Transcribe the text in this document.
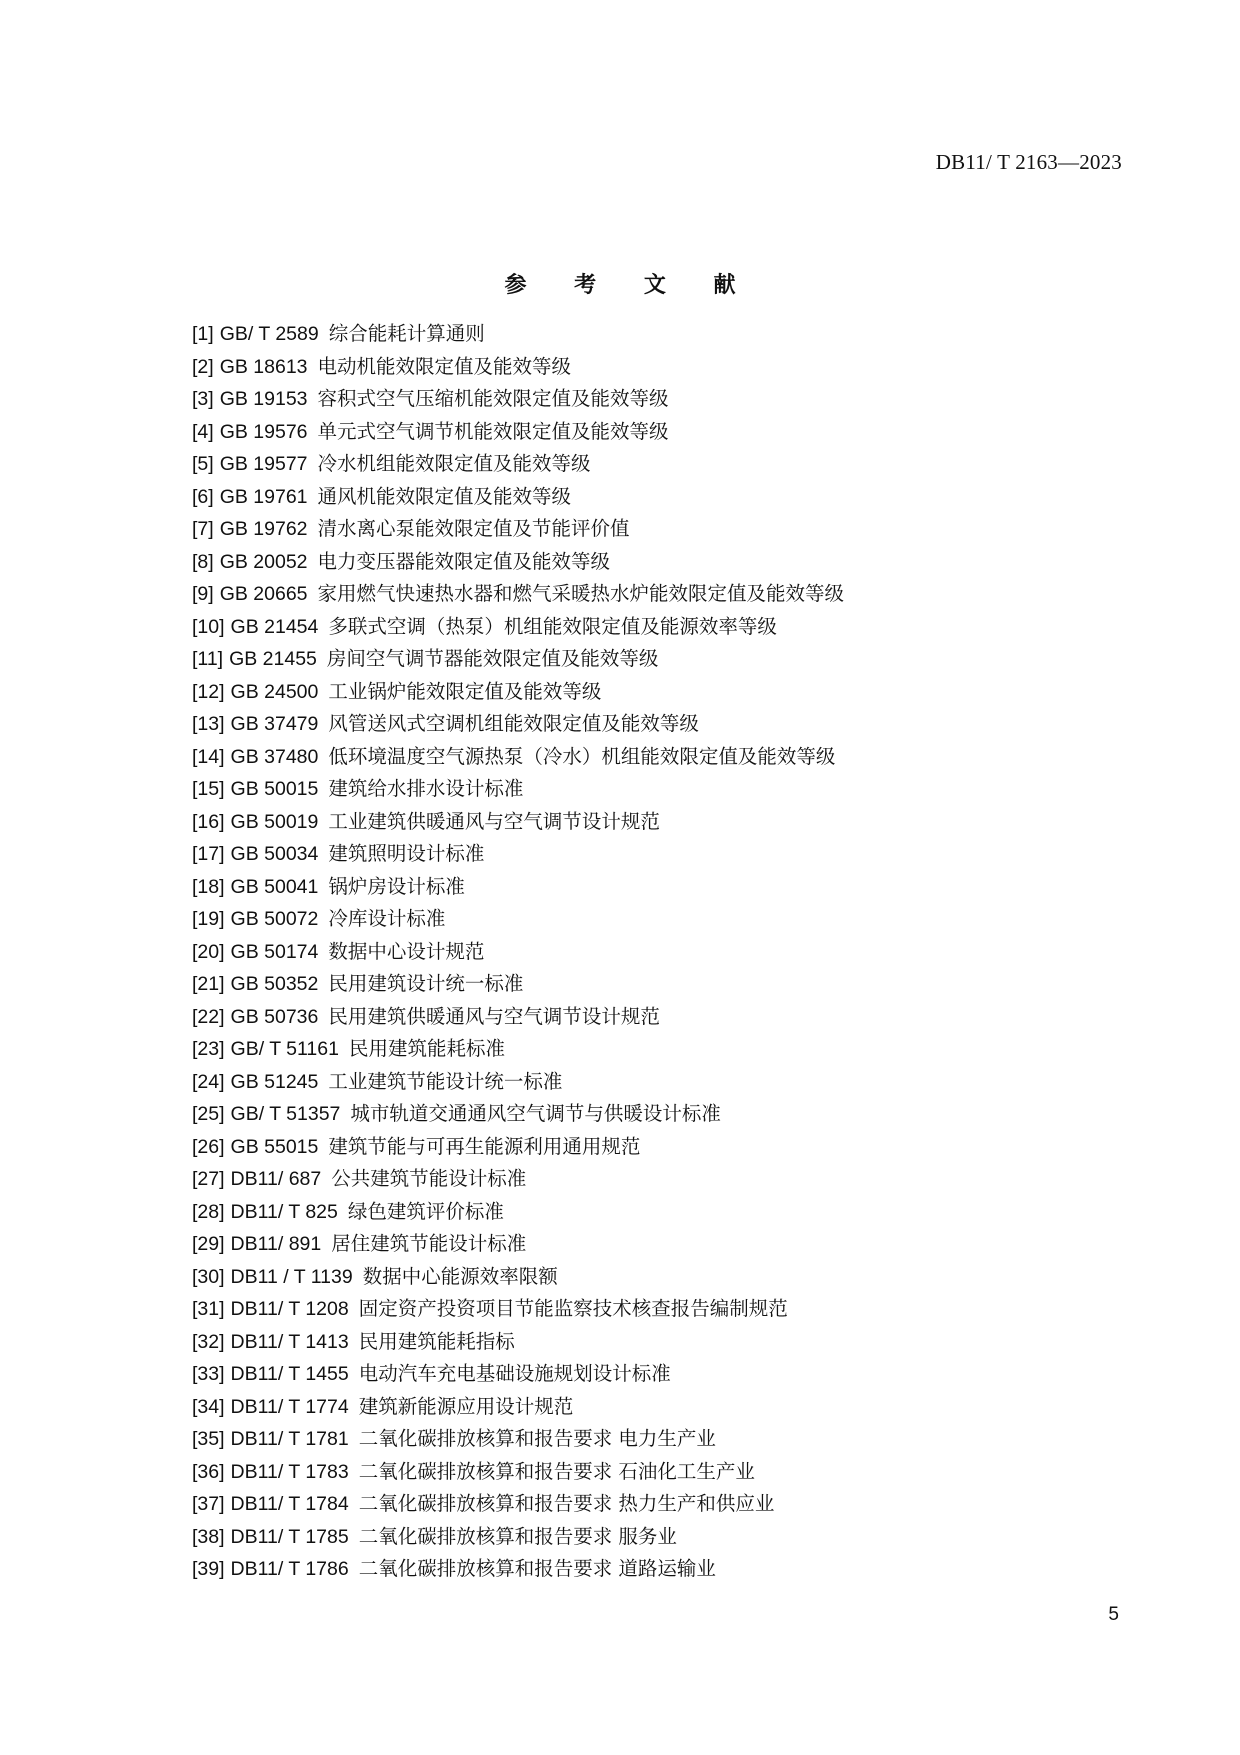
DB11/ T 2163—2023
参 考 文 献
[1] GB/ T 2589 综合能耗计算通则
[2] GB 18613 电动机能效限定值及能效等级
[3] GB 19153 容积式空气压缩机能效限定值及能效等级
[4] GB 19576 单元式空气调节机能效限定值及能效等级
[5] GB 19577 冷水机组能效限定值及能效等级
[6] GB 19761 通风机能效限定值及能效等级
[7] GB 19762 清水离心泵能效限定值及节能评价值
[8] GB 20052 电力变压器能效限定值及能效等级
[9] GB 20665 家用燃气快速热水器和燃气采暖热水炉能效限定值及能效等级
[10] GB 21454 多联式空调（热泵）机组能效限定值及能源效率等级
[11] GB 21455 房间空气调节器能效限定值及能效等级
[12] GB 24500 工业锅炉能效限定值及能效等级
[13] GB 37479 风管送风式空调机组能效限定值及能效等级
[14] GB 37480 低环境温度空气源热泵（冷水）机组能效限定值及能效等级
[15] GB 50015 建筑给水排水设计标准
[16] GB 50019 工业建筑供暖通风与空气调节设计规范
[17] GB 50034 建筑照明设计标准
[18] GB 50041 锅炉房设计标准
[19] GB 50072 冷库设计标准
[20] GB 50174 数据中心设计规范
[21] GB 50352 民用建筑设计统一标准
[22] GB 50736 民用建筑供暖通风与空气调节设计规范
[23] GB/ T 51161 民用建筑能耗标准
[24] GB 51245 工业建筑节能设计统一标准
[25] GB/ T 51357 城市轨道交通通风空气调节与供暖设计标准
[26] GB 55015 建筑节能与可再生能源利用通用规范
[27] DB11/ 687 公共建筑节能设计标准
[28] DB11/ T 825 绿色建筑评价标准
[29] DB11/ 891 居住建筑节能设计标准
[30] DB11 / T 1139 数据中心能源效率限额
[31] DB11/ T 1208 固定资产投资项目节能监察技术核查报告编制规范
[32] DB11/ T 1413 民用建筑能耗指标
[33] DB11/ T 1455 电动汽车充电基础设施规划设计标准
[34] DB11/ T 1774 建筑新能源应用设计规范
[35] DB11/ T 1781 二氧化碳排放核算和报告要求 电力生产业
[36] DB11/ T 1783 二氧化碳排放核算和报告要求 石油化工生产业
[37] DB11/ T 1784 二氧化碳排放核算和报告要求 热力生产和供应业
[38] DB11/ T 1785 二氧化碳排放核算和报告要求 服务业
[39] DB11/ T 1786 二氧化碳排放核算和报告要求 道路运输业
5
